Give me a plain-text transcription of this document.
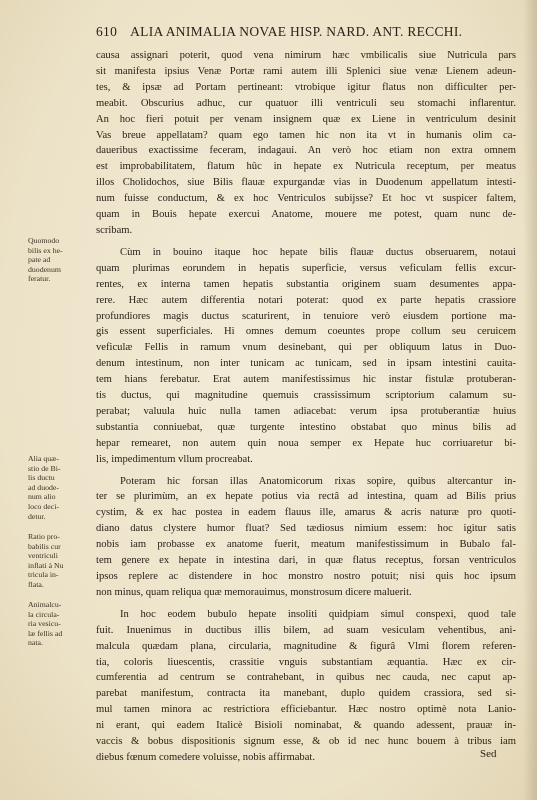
610 ALIA ANIMALIA NOVAE HISP. NARD. ANT. RECCHI.

causa assignari poterit, quod vena nimirum hæc vmbilicalis siue Nutricula pars
sit manifesta ipsius Venæ Portæ rami autem illi Splenici siue venæ Lienem adeun-
tes, & ipsæ ad Portam pertineant: vtrobique igitur flatus non difficulter per-
meabit. Obscurius adhuc, cur quatuor illi ventriculi seu stomachi inflarentur.
An hoc fieri potuit per venam insignem quæ ex Liene in ventriculum desinit
Vas breue appellatam? quam ego tamen hic non ita vt in humanis olim ca-
daueribus exactissime feceram, indagaui. An verò hoc etiam non extra omnem
est improbabilitatem, flatum hûc in hepate ex Nutricula receptum, per meatus
illos Cholidochos, siue Bilis flauæ expurgandæ vias in Duodenum appellatum intesti-
num fuisse conductum, & ex hoc Ventriculos subijsse? Et hoc vt suspicer faltem,
quam in Bouis hepate exercui Anatome, mouere me potest, quam nunc de-
scribam.

Cùm in bouino itaque hoc hepate bilis flauæ ductus obseruarem, notaui
quam plurimas eorundem in hepatis superficie, versus veficulam fellis excur-
rentes, ex interna tamen hepatis substantia originem suam desumentes appa-
rere. Hæc autem differentia notari poterat: quod ex parte hepatis crassiore
profundiores magis ductus scaturirent, in tenuiore verò eiusdem portione ma-
gis essent superficiales. Hi omnes demum coeuntes prope collum seu ceruicem
veficulæ Fellis in ramum vnum desinebant, qui per obliquum latus in Duo-
denum intestinum, non inter tunicam ac tunicam, sed in ipsam intestini cauita-
tem hians ferebatur. Erat autem manifestissimus hic instar fistulæ protuberan-
tis ductus, qui magnitudine quemuis crassissimum scriptorium calamum su-
perabat; valuula huic nulla tamen adiacebat: verum ipsa protuberantiæ huius
substantia conniuebat, quæ turgente intestino obstabat quo minus bilis ad
hepar remearet, non autem quin noua semper ex Hepate huc corriuaretur bi-
lis, impedimentum vllum procreabat.

Poteram hic forsan illas Anatomicorum rixas sopire, quibus altercantur in-
ter se plurimùm, an ex hepate potius via rectâ ad intestina, quam ad Bilis prius
cystim, & ex hac postea in eadem flauus ille, amarus & acris naturæ pro quoti-
diano datus clystere humor fluat? Sed tædiosus nimium essem: hoc igitur satis
nobis iam probasse ex anatome fuerit, meatum manifestissimum in Bubalo fal-
tem genere ex hepate in intestina dari, in quæ flatus receptus, forsan ventriculos
ipsos replere ac distendere in hoc monstro nostro potuit; nisi quis hoc ipsum
non minus, quam reliqua quæ memorauimus, monstrosum dicere maluerit.

In hoc eodem bubulo hepate insoliti quidpiam simul conspexi, quod tale
fuit. Inuenimus in ductibus illis bilem, ad suam vesiculam vehentibus, ani-
malcula quædam plana, circularia, magnitudine & figurâ Vlmi florem referen-
tia, coloris liuescentis, crassitie vnguis substantiam æquantia. Hæc ex cir-
cumferentia ad centrum se contrahebant, in quibus nec cauda, nec caput ap-
parebat manifestum, contracta ita manebant, duplo quidem crassiora, sed si-
mul tamen minora ac restrictiora efficiebantur. Hæc nostro optimè nota Lanio-
ni erant, qui eadem Italicè Bisioli nominabat, & quando adessent, prauæ in-
vaccis & bobus dispositionis signum esse, & ob id nec hunc bouem à tribus iam
diebus fœnum comedere voluisse, nobis affirmabat.

Quomodo
bilis ex he-
pate ad
duodenum
feratur.
Alia quæ-
stio de Bi-
lis ductu
ad duode-
num alio
loco deci-
detur.
Ratio pro-
babilis cur
ventriculi
inflati à Nu
tricula in-
flata.
Animalcu-
la circula-
ria vesicu-
læ fellis ad
nata.
Sed
